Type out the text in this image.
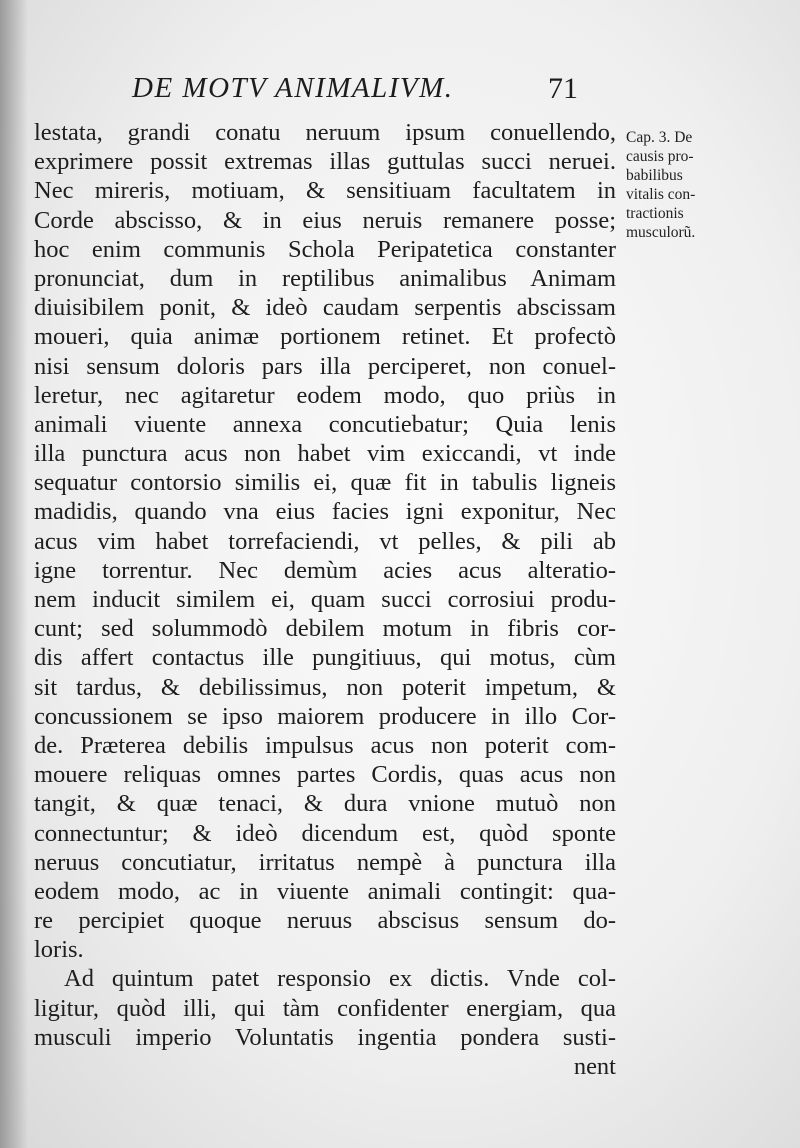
DE MOTV ANIMALIVM.	71
Cap. 3. De
causis pro-
babilibus
vitalis con-
tractionis
musculorũ.
lestata, grandi conatu neruum ipsum conuellendo,
exprimere possit extremas illas guttulas succi neruei.
Nec mireris, motiuam, & sensitiuam facultatem in
Corde abscisso, & in eius neruis remanere posse;
hoc enim communis Schola Peripatetica constanter
pronunciat, dum in reptilibus animalibus Animam
diuisibilem ponit, & ideò caudam serpentis abscissam
moueri, quia animæ portionem retinet. Et profectò
nisi sensum doloris pars illa perciperet, non conuel-
leretur, nec agitaretur eodem modo, quo priùs in
animali viuente annexa concutiebatur; Quia lenis
illa punctura acus non habet vim exiccandi, vt inde
sequatur contorsio similis ei, quæ fit in tabulis ligneis
madidis, quando vna eius facies igni exponitur, Nec
acus vim habet torrefaciendi, vt pelles, & pili ab
igne torrentur. Nec demùm acies acus alteratio-
nem inducit similem ei, quam succi corrosiui produ-
cunt; sed solummodò debilem motum in fibris cor-
dis affert contactus ille pungitiuus, qui motus, cùm
sit tardus, & debilissimus, non poterit impetum, &
concussionem se ipso maiorem producere in illo Cor-
de. Præterea debilis impulsus acus non poterit com-
mouere reliquas omnes partes Cordis, quas acus non
tangit, & quæ tenaci, & dura vnione mutuò non
connectuntur; & ideò dicendum est, quòd sponte
neruus concutiatur, irritatus nempè à punctura illa
eodem modo, ac in viuente animali contingit: qua-
re percipiet quoque neruus abscisus sensum do-
loris.
Ad quintum patet responsio ex dictis. Vnde col-
ligitur, quòd illi, qui tàm confidenter energiam, qua
musculi imperio Voluntatis ingentia pondera susti-
nent
